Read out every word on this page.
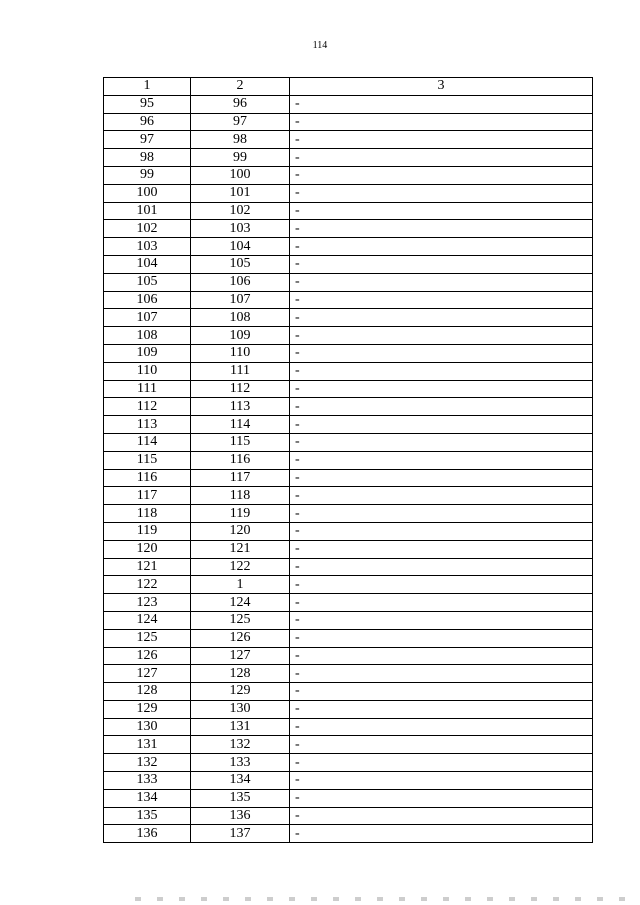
114
1	2	3
95	96	-
96	97	-
97	98	-
98	99	-
99	100	-
100	101	-
101	102	-
102	103	-
103	104	-
104	105	-
105	106	-
106	107	-
107	108	-
108	109	-
109	110	-
110	111	-
111	112	-
112	113	-
113	114	-
114	115	-
115	116	-
116	117	-
117	118	-
118	119	-
119	120	-
120	121	-
121	122	-
122	1	-
123	124	-
124	125	-
125	126	-
126	127	-
127	128	-
128	129	-
129	130	-
130	131	-
131	132	-
132	133	-
133	134	-
134	135	-
135	136	-
136	137	-
